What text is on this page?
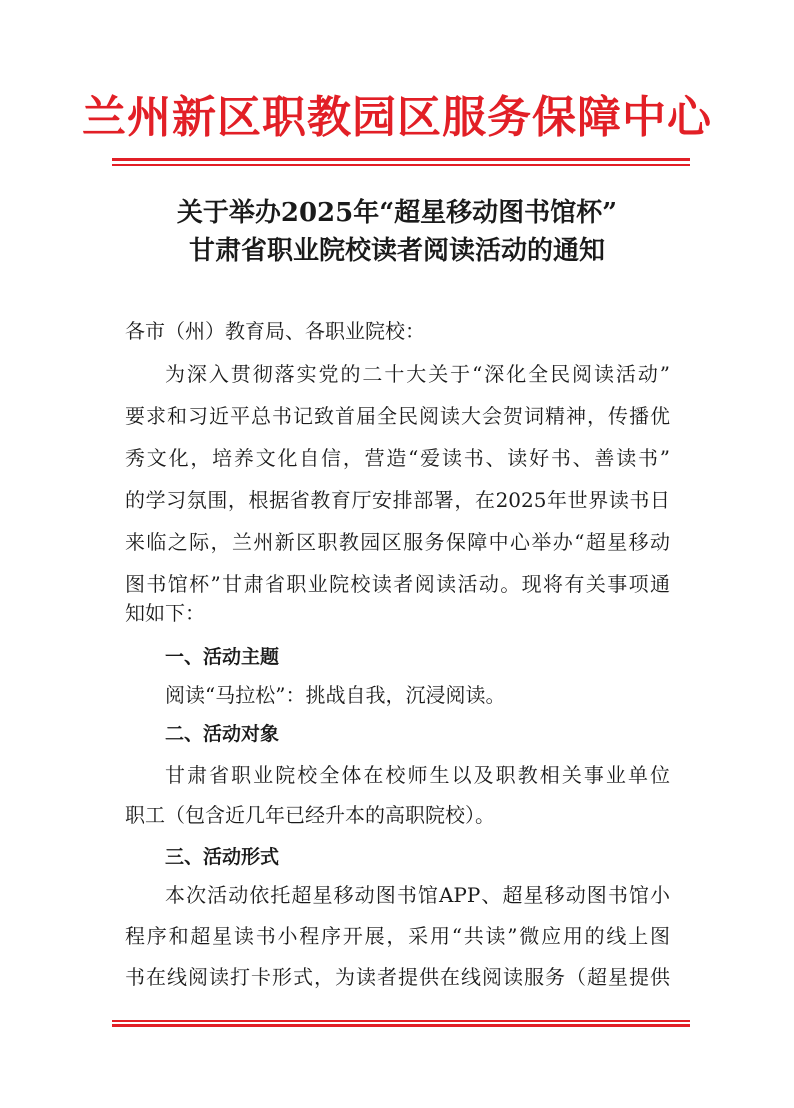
兰州新区职教园区服务保障中心
关于举办2025年“超星移动图书馆杯”
甘肃省职业院校读者阅读活动的通知
各市（州）教育局、各职业院校：
为深入贯彻落实党的二十大关于“深化全民阅读活动”
要求和习近平总书记致首届全民阅读大会贺词精神，传播优
秀文化，培养文化自信，营造“爱读书、读好书、善读书”
的学习氛围，根据省教育厅安排部署，在2025年世界读书日
来临之际，兰州新区职教园区服务保障中心举办“超星移动
图书馆杯”甘肃省职业院校读者阅读活动。现将有关事项通
知如下：
一、活动主题
阅读“马拉松”：挑战自我，沉浸阅读。
二、活动对象
甘肃省职业院校全体在校师生以及职教相关事业单位
职工（包含近几年已经升本的高职院校）。
三、活动形式
本次活动依托超星移动图书馆APP、超星移动图书馆小
程序和超星读书小程序开展，采用“共读”微应用的线上图
书在线阅读打卡形式，为读者提供在线阅读服务（超星提供
